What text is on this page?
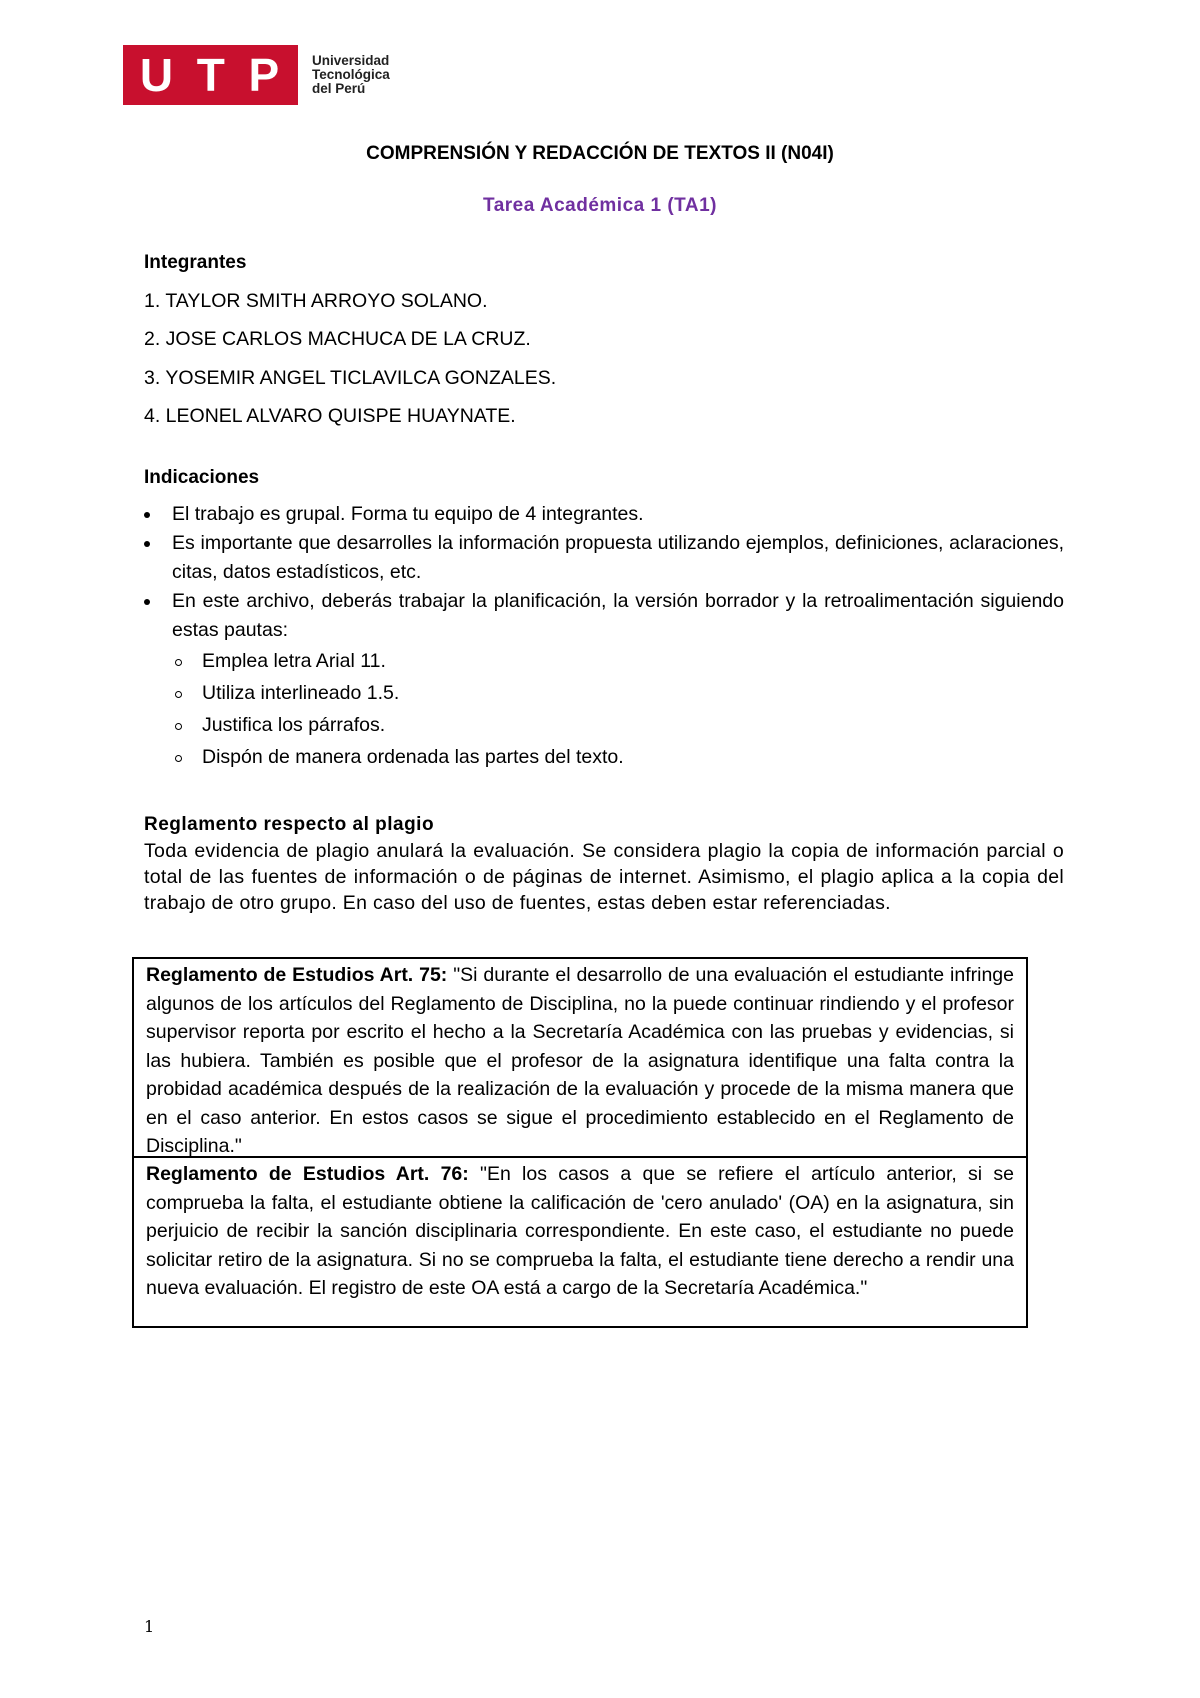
U T P Universidad
Tecnológica
del Perú

COMPRENSIÓN Y REDACCIÓN DE TEXTOS II (N04I)

Tarea Académica 1 (TA1)

Integrantes

1. TAYLOR SMITH ARROYO SOLANO.

2. JOSE CARLOS MACHUCA DE LA CRUZ.

3. YOSEMIR ANGEL TICLAVILCA GONZALES.

4. LEONEL ALVARO QUISPE HUAYNATE.

Indicaciones

El trabajo es grupal. Forma tu equipo de 4 integrantes.

Es importante que desarrolles la información propuesta utilizando ejemplos, definiciones, aclaraciones, citas, datos estadísticos, etc.

En este archivo, deberás trabajar la planificación, la versión borrador y la retroalimentación siguiendo estas pautas:

Emplea letra Arial 11.

Utiliza interlineado 1.5.

Justifica los párrafos.

Dispón de manera ordenada las partes del texto.

Reglamento respecto al plagio

Toda evidencia de plagio anulará la evaluación. Se considera plagio la copia de información parcial o total de las fuentes de información o de páginas de internet. Asimismo, el plagio aplica a la copia del trabajo de otro grupo. En caso del uso de fuentes, estas deben estar referenciadas.

Reglamento de Estudios Art. 75: "Si durante el desarrollo de una evaluación el estudiante infringe algunos de los artículos del Reglamento de Disciplina, no la puede continuar rindiendo y el profesor supervisor reporta por escrito el hecho a la Secretaría Académica con las pruebas y evidencias, si las hubiera. También es posible que el profesor de la asignatura identifique una falta contra la probidad académica después de la realización de la evaluación y procede de la misma manera que en el caso anterior. En estos casos se sigue el procedimiento establecido en el Reglamento de Disciplina."
Reglamento de Estudios Art. 76: "En los casos a que se refiere el artículo anterior, si se comprueba la falta, el estudiante obtiene la calificación de 'cero anulado' (OA) en la asignatura, sin perjuicio de recibir la sanción disciplinaria correspondiente. En este caso, el estudiante no puede solicitar retiro de la asignatura. Si no se comprueba la falta, el estudiante tiene derecho a rendir una nueva evaluación. El registro de este OA está a cargo de la Secretaría Académica."

1
